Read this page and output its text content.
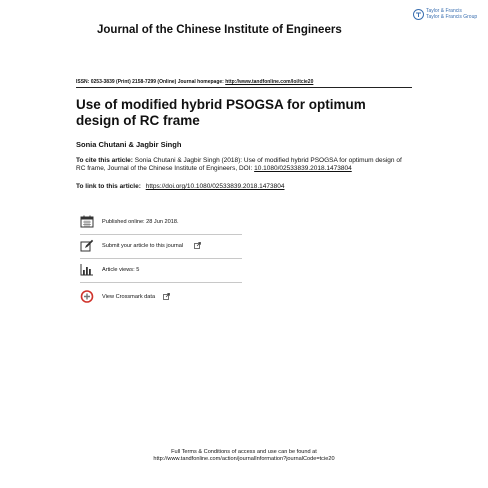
Journal of the Chinese Institute of Engineers
Taylor & Francis
Taylor & Francis Group
ISSN: 0253-3839 (Print) 2158-7299 (Online) Journal homepage: http://www.tandfonline.com/loi/tcie20
Use of modified hybrid PSOGSA for optimum design of RC frame
Sonia Chutani & Jagbir Singh
To cite this article: Sonia Chutani & Jagbir Singh (2018): Use of modified hybrid PSOGSA for optimum design of RC frame, Journal of the Chinese Institute of Engineers, DOI: 10.1080/02533839.2018.1473804
To link to this article: https://doi.org/10.1080/02533839.2018.1473804
Published online: 28 Jun 2018.
Submit your article to this journal
Article views: 5
View Crossmark data
Full Terms & Conditions of access and use can be found at
http://www.tandfonline.com/action/journalInformation?journalCode=tcie20
